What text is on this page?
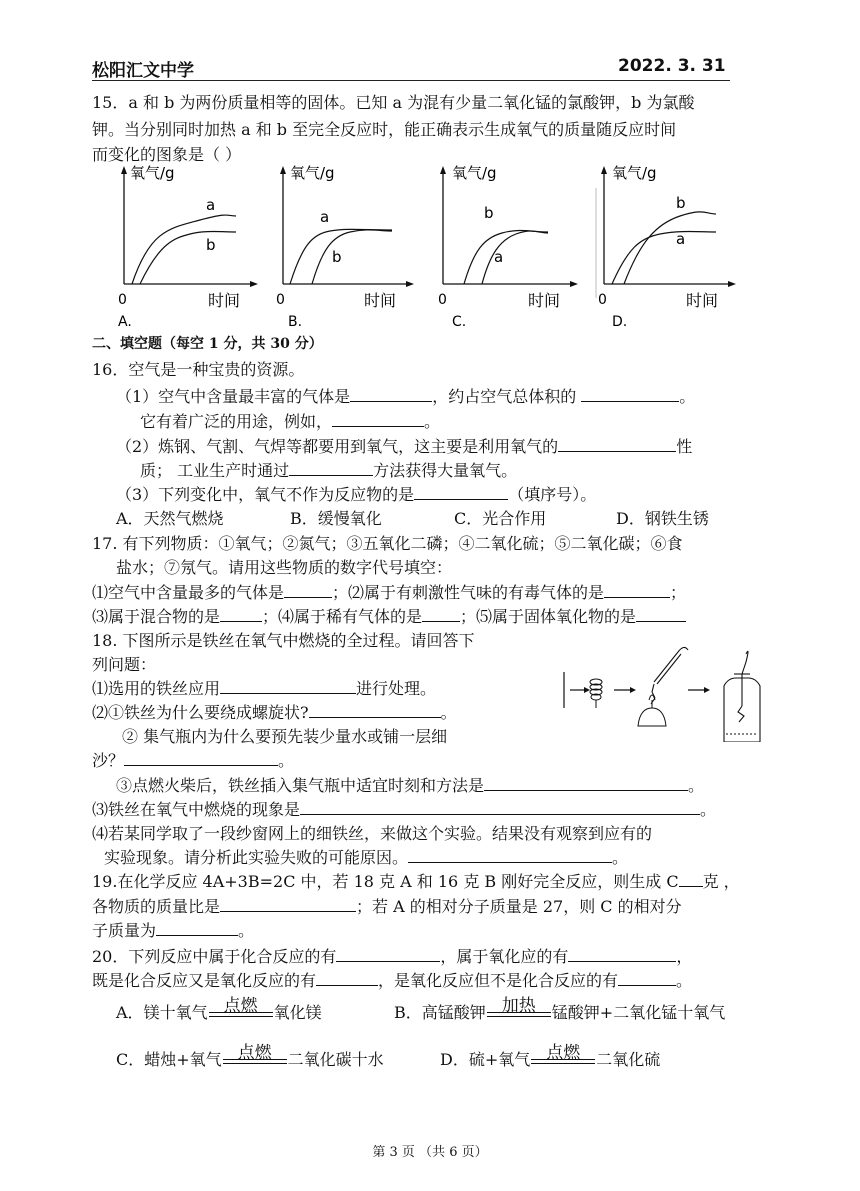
松阳汇文中学	2022. 3. 31
15．a 和 b 为两份质量相等的固体。已知 a 为混有少量二氧化锰的氯酸钾，b 为氯酸
钾。当分别同时加热 a 和 b 至完全反应时，能正确表示生成氧气的质量随反应时间
而变化的图象是（ ）
氧气/g
a
b
0	时间
A.
氧气/g
a
b
0	时间
B.
氧气/g
b
a
0	时间
C.
氧气/g
b
a
0	时间
D.
二、填空题（每空 1 分，共 30 分）
16．空气是一种宝贵的资源。
（1）空气中含量最丰富的气体是	，约占空气总体积的	。
它有着广泛的用途，例如，	。
（2）炼钢、气割、气焊等都要用到氧气，这主要是利用氧气的	性
质； 工业生产时通过	方法获得大量氧气。
（3）下列变化中，氧气不作为反应物的是	（填序号）。
A．天然气燃烧	B．缓慢氧化	C．光合作用	D．钢铁生锈
17. 有下列物质：①氧气；②氮气；③五氧化二磷；④二氧化硫；⑤二氧化碳；⑥食
盐水；⑦氖气。请用这些物质的数字代号填空：
⑴空气中含量最多的气体是	；⑵属于有刺激性气味的有毒气体的是	；
⑶属于混合物的是	；⑷属于稀有气体的是 ；⑸属于固体氧化物的是
18. 下图所示是铁丝在氧气中燃烧的全过程。请回答下
列问题：
⑴选用的铁丝应用	进行处理。
⑵①铁丝为什么要绕成螺旋状?	。
② 集气瓶内为什么要预先装少量水或铺一层细
沙？	。
③点燃火柴后，铁丝插入集气瓶中适宜时刻和方法是	。
⑶铁丝在氧气中燃烧的现象是	。
⑷若某同学取了一段纱窗网上的细铁丝，来做这个实验。结果没有观察到应有的
实验现象。请分析此实验失败的可能原因。	。
19.在化学反应 4A+3B=2C 中，若 18 克 A 和 16 克 B 刚好完全反应，则生成 C 克 ，
各物质的质量比是	；若 A 的相对分子质量是 27，则 C 的相对分
子质量为	。
20．下列反应中属于化合反应的有	，属于氧化应的有	，
既是化合反应又是氧化反应的有	，是氧化反应但不是化合反应的有	。
A．镁十氧气 点燃	氧化镁	B．高锰酸钾 加热	锰酸钾+二氧化锰十氧气
C．蜡烛+氧气 点燃	二氧化碳十水	D．硫+氧气 点燃	二氧化硫
第 3 页 （共 6 页）
